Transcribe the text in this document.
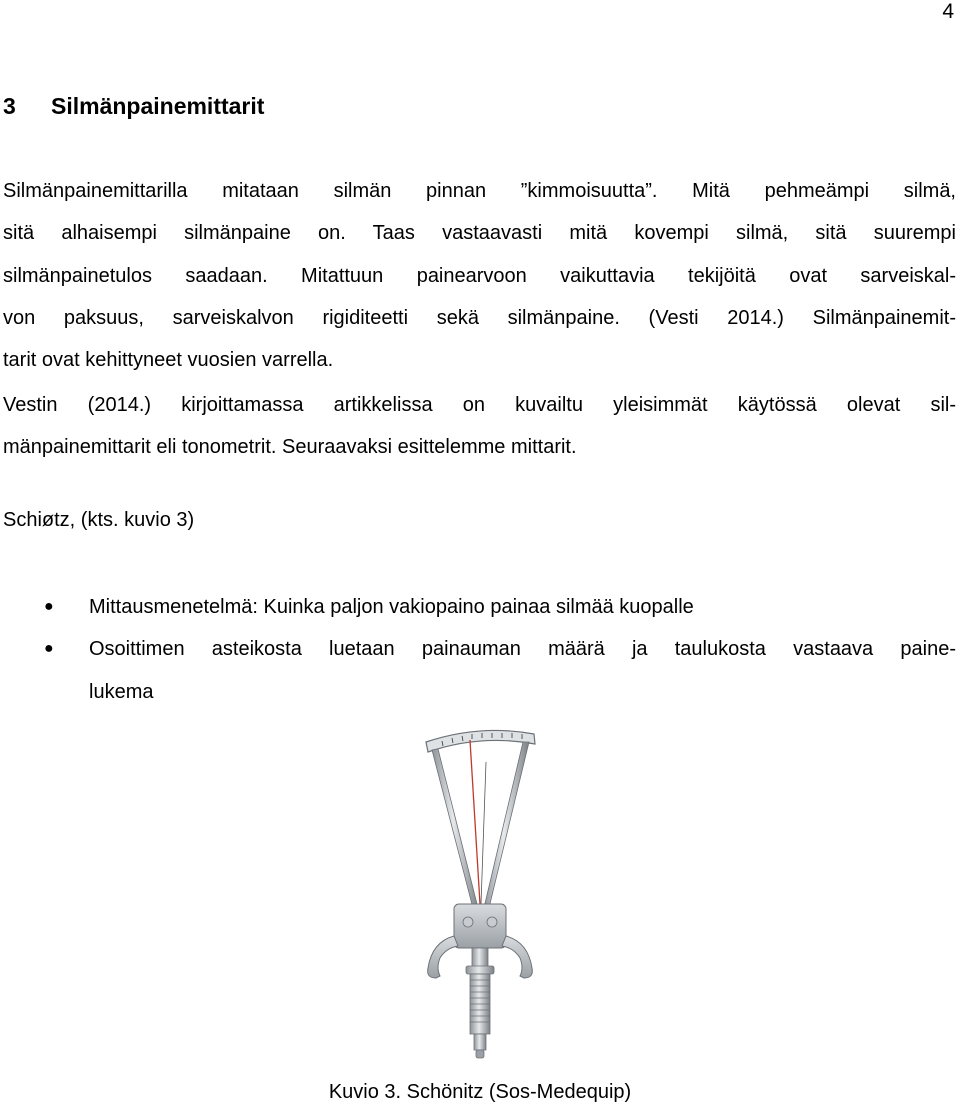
4
3 Silmänpainemittarit
Silmänpainemittarilla mitataan silmän pinnan ”kimmoisuutta”. Mitä pehmeämpi silmä,
sitä alhaisempi silmänpaine on. Taas vastaavasti mitä kovempi silmä, sitä suurempi
silmänpainetulos saadaan. Mitattuun painearvoon vaikuttavia tekijöitä ovat sarveiskal-
von paksuus, sarveiskalvon rigiditeetti sekä silmänpaine. (Vesti 2014.) Silmänpainemit-
tarit ovat kehittyneet vuosien varrella.
Vestin (2014.) kirjoittamassa artikkelissa on kuvailtu yleisimmät käytössä olevat sil-
mänpainemittarit eli tonometrit. Seuraavaksi esittelemme mittarit.
Schiøtz, (kts. kuvio 3)
● Mittausmenetelmä: Kuinka paljon vakiopaino painaa silmää kuopalle
● Osoittimen asteikosta luetaan painauman määrä ja taulukosta vastaava paine-
lukema
Kuvio 3. Schönitz (Sos-Medequip)
